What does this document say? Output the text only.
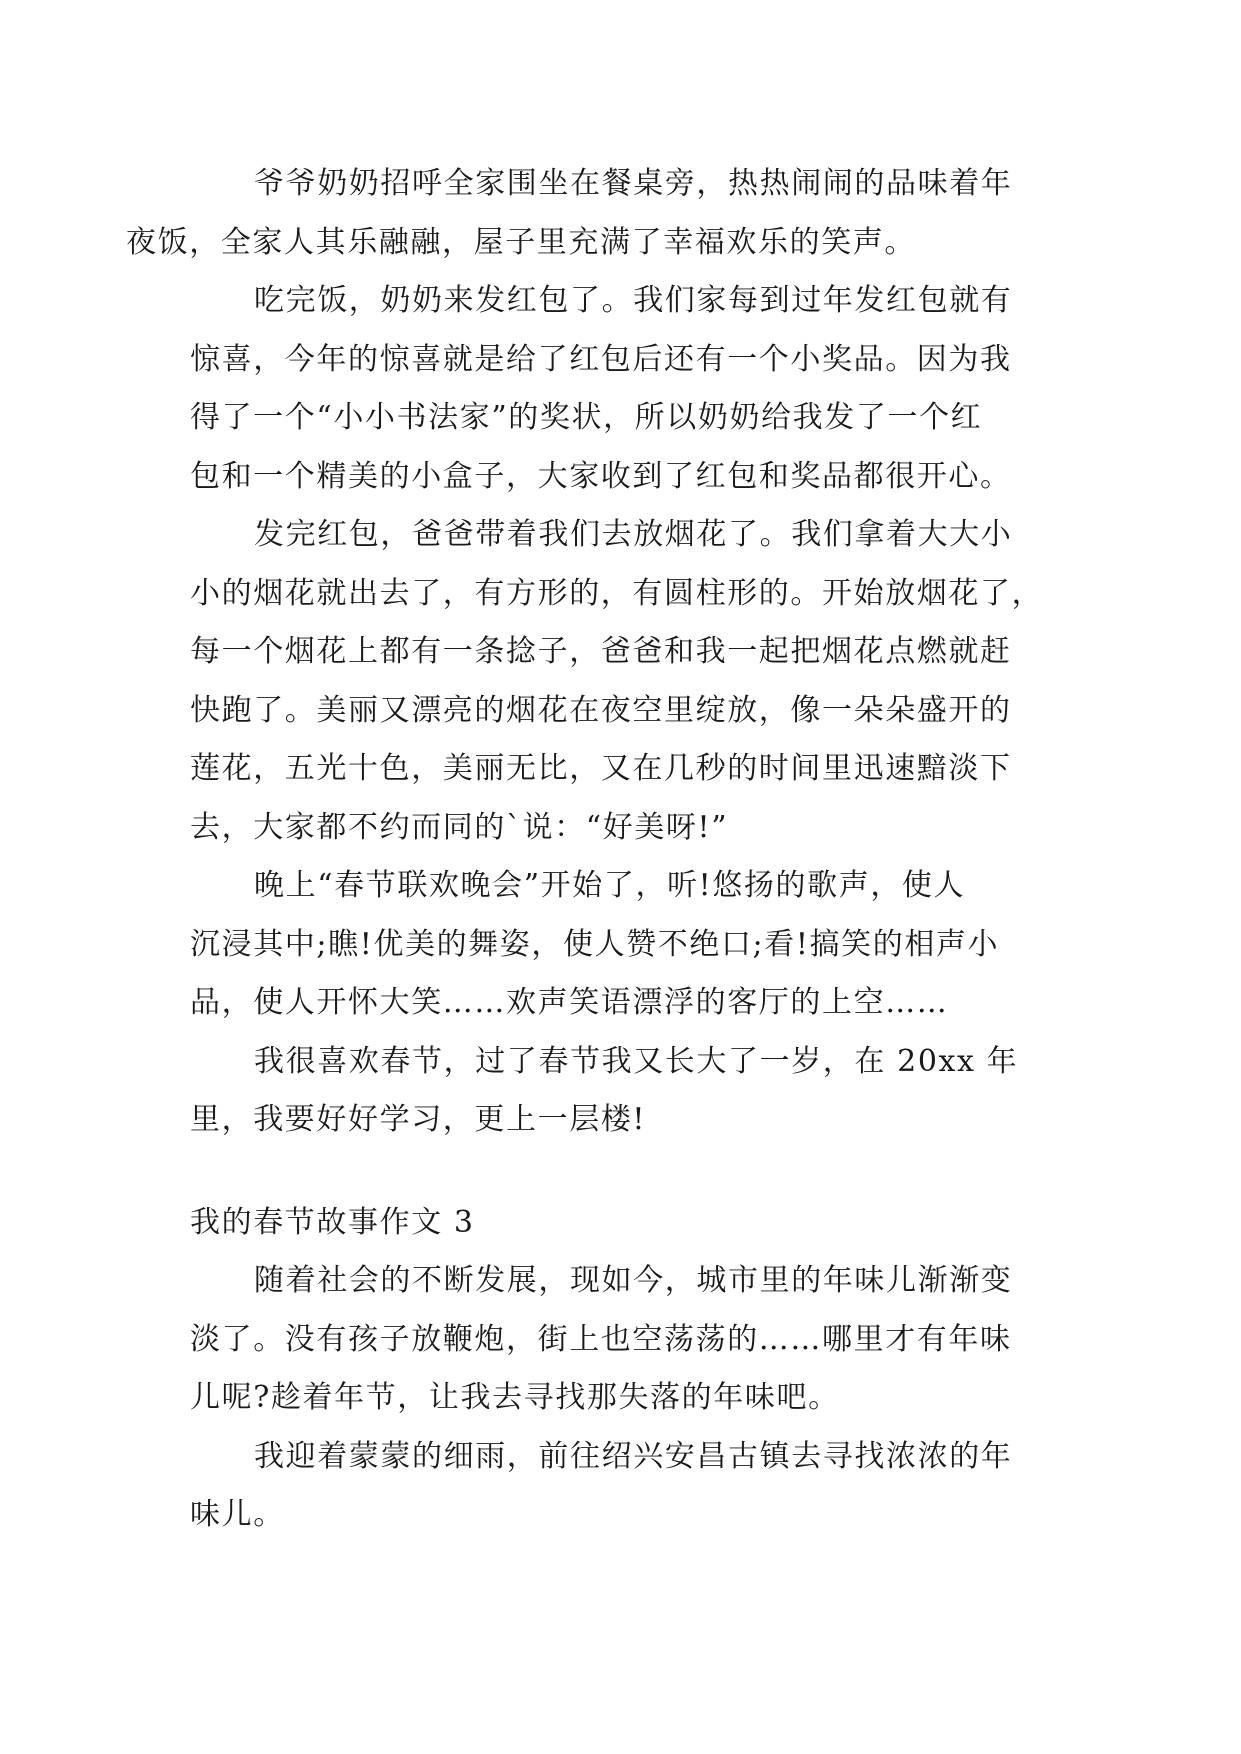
爷爷奶奶招呼全家围坐在餐桌旁，热热闹闹的品味着年
夜饭，全家人其乐融融，屋子里充满了幸福欢乐的笑声。

吃完饭，奶奶来发红包了。我们家每到过年发红包就有
惊喜，今年的惊喜就是给了红包后还有一个小奖品。因为我
得了一个“小小书法家”的奖状，所以奶奶给我发了一个红
包和一个精美的小盒子，大家收到了红包和奖品都很开心。

发完红包，爸爸带着我们去放烟花了。我们拿着大大小
小的烟花就出去了，有方形的，有圆柱形的。开始放烟花了，
每一个烟花上都有一条捻子，爸爸和我一起把烟花点燃就赶
快跑了。美丽又漂亮的烟花在夜空里绽放，像一朵朵盛开的
莲花，五光十色，美丽无比，又在几秒的时间里迅速黯淡下
去，大家都不约而同的`说：“好美呀!”

晚上“春节联欢晚会”开始了，听!悠扬的歌声，使人
沉浸其中;瞧!优美的舞姿，使人赞不绝口;看!搞笑的相声小
品，使人开怀大笑……欢声笑语漂浮的客厅的上空……

我很喜欢春节，过了春节我又长大了一岁，在 20xx 年
里，我要好好学习，更上一层楼!

我的春节故事作文 3

随着社会的不断发展，现如今，城市里的年味儿渐渐变
淡了。没有孩子放鞭炮，街上也空荡荡的……哪里才有年味
儿呢?趁着年节，让我去寻找那失落的年味吧。

我迎着蒙蒙的细雨，前往绍兴安昌古镇去寻找浓浓的年
味儿。
